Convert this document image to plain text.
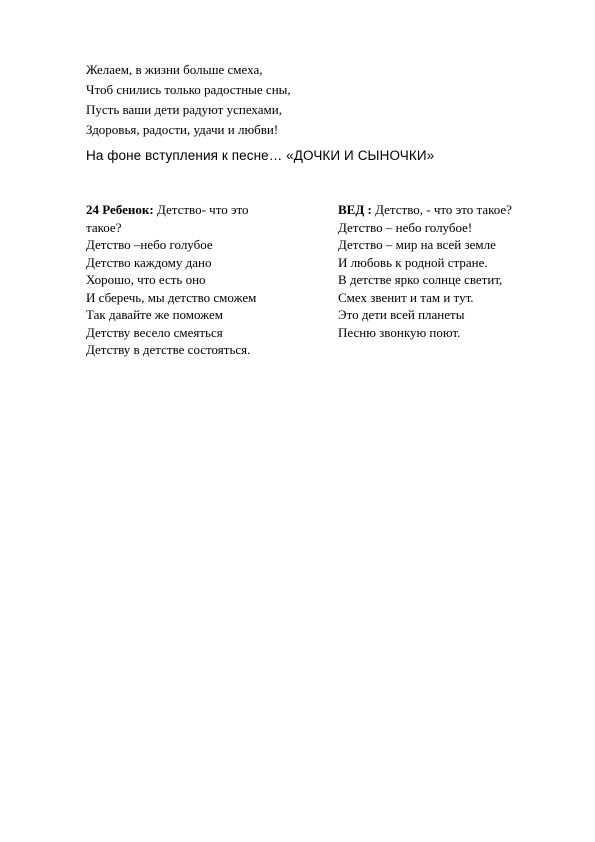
Желаем, в жизни больше смеха,
Чтоб снились только радостные сны,
Пусть ваши дети радуют успехами,
Здоровья, радости, удачи и любви!
На фоне вступления к песне… «ДОЧКИ И СЫНОЧКИ»
24 Ребенок: Детство- что это
такое?
Детство –небо голубое
Детство каждому дано
Хорошо, что есть оно
И сберечь, мы детство сможем
Так давайте же поможем
Детству весело смеяться
Детству в детстве состояться.
ВЕД : Детство, - что это такое?
Детство – небо голубое!
Детство – мир на всей земле
И любовь к родной стране.
В детстве ярко солнце светит,
Смех звенит и там и тут.
Это дети всей планеты
Песню звонкую поют.
